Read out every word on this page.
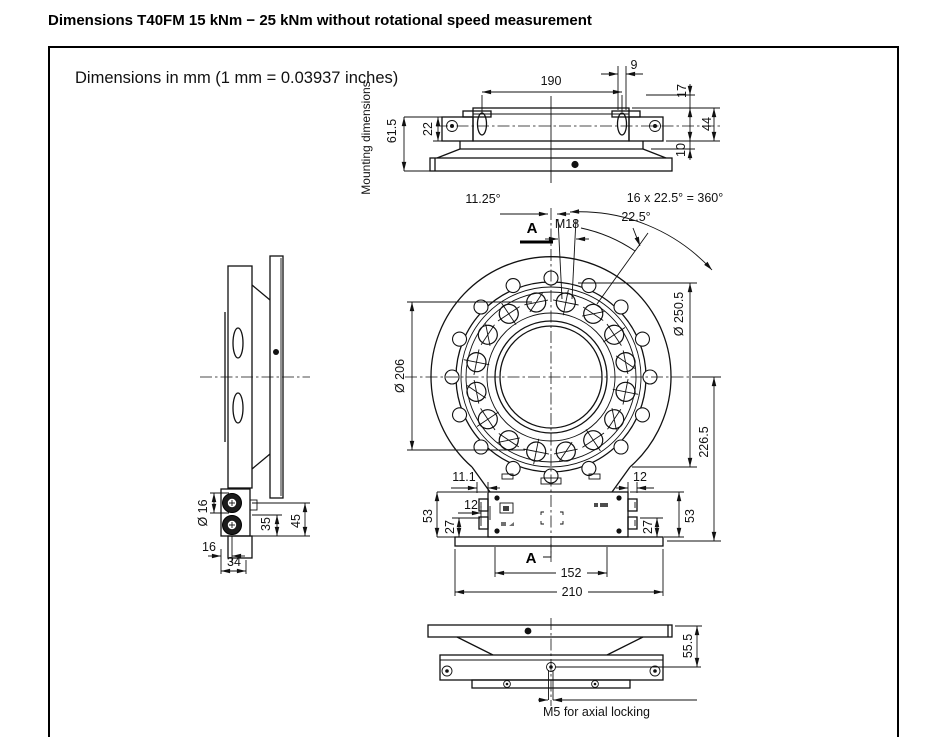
Dimensions T40FM 15 kNm − 25 kNm without rotational speed measurement
Dimensions in mm (1 mm = 0.03937 inches)
Mounting dimensions
190
9
17
44
10
22
61.5
Ø 16	35 45
16
34
11.25°	16 x 22.5° = 360°
22.5°
M18
A
Ø 250.5
Ø 206
226.5
11.1	12
12
53
27
53
27
A
152
210
55.5
M5 for axial locking
